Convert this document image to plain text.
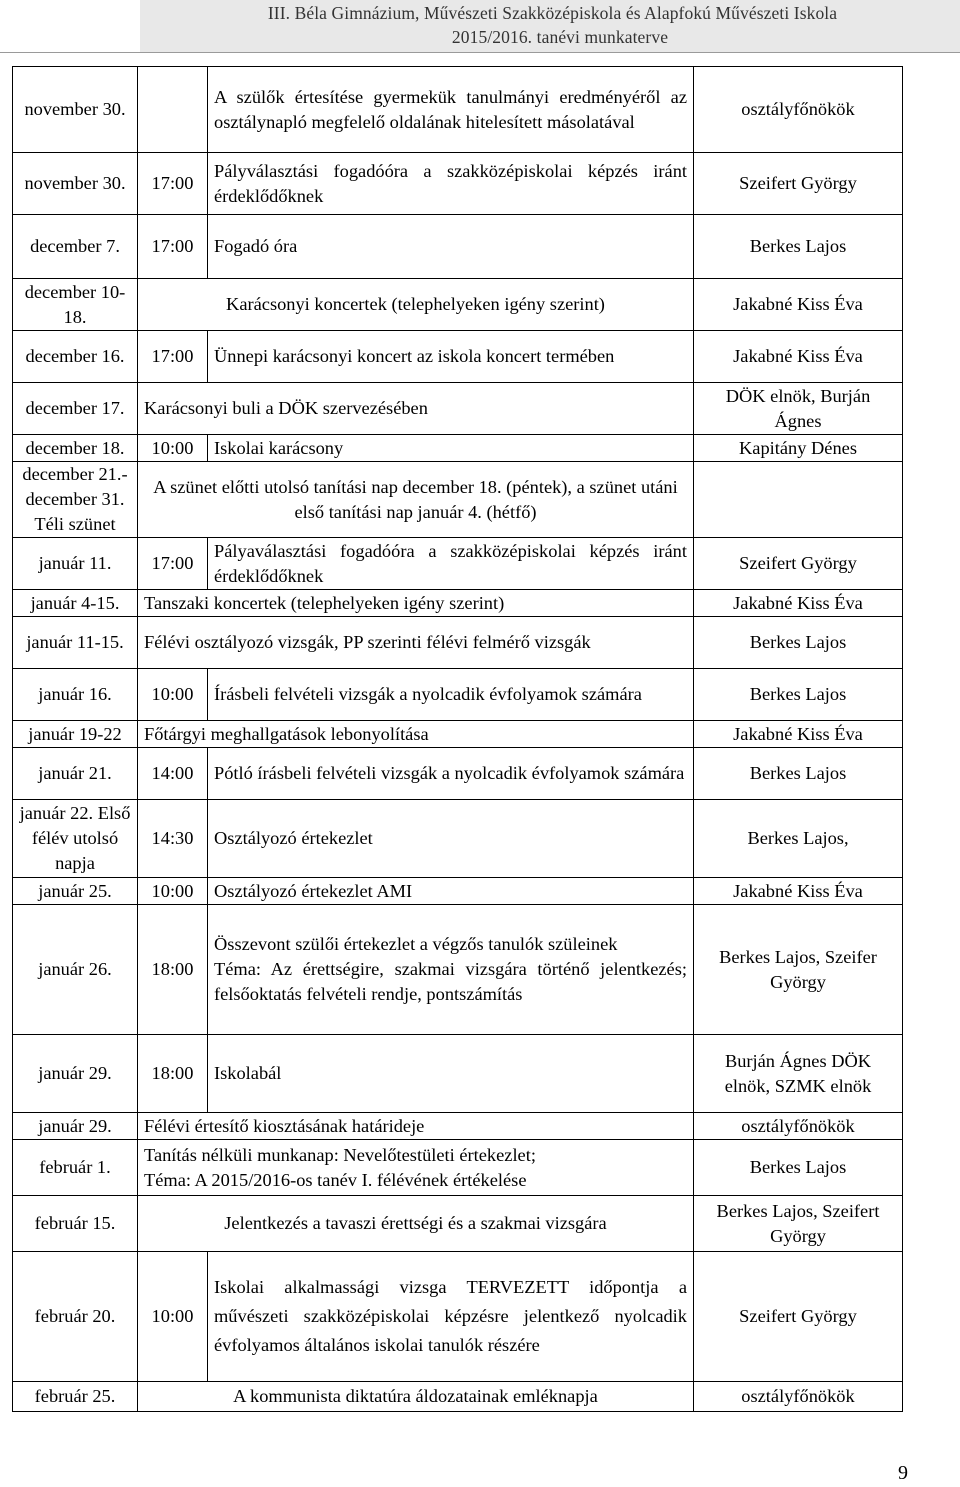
III. Béla Gimnázium, Művészeti Szakközépiskola és Alapfokú Művészeti Iskola
2015/2016. tanévi munkaterve
november 30.		A szülők értesítése gyermekük tanulmányi eredményéről az osztálynapló megfelelő oldalának hitelesített másolatával	osztályfőnökök
november 30.	17:00	Pályválasztási fogadóóra a szakközépiskolai képzés iránt érdeklődőknek	Szeifert György
december 7.	17:00	Fogadó óra	Berkes Lajos
december 10-18.	Karácsonyi koncertek (telephelyeken igény szerint)		Jakabné Kiss Éva
december 16.	17:00	Ünnepi karácsonyi koncert az iskola koncert termében	Jakabné Kiss Éva
december 17.	Karácsonyi buli a DÖK szervezésében		DÖK elnök, Burján Ágnes
december 18.	10:00	Iskolai karácsony	Kapitány Dénes
december 21.- december 31. Téli szünet	A szünet előtti utolsó tanítási nap december 18. (péntek), a szünet utáni első tanítási nap január 4. (hétfő)		
január 11.	17:00	Pályaválasztási fogadóóra a szakközépiskolai képzés iránt érdeklődőknek	Szeifert György
január 4-15.	Tanszaki koncertek (telephelyeken igény szerint)		Jakabné Kiss Éva
január 11-15.	Félévi osztályozó vizsgák, PP szerinti félévi felmérő vizsgák		Berkes Lajos
január 16.	10:00	Írásbeli felvételi vizsgák a nyolcadik évfolyamok számára	Berkes Lajos
január 19-22	Főtárgyi meghallgatások lebonyolítása		Jakabné Kiss Éva
január 21.	14:00	Pótló írásbeli felvételi vizsgák a nyolcadik évfolyamok számára	Berkes Lajos
január 22. Első félév utolsó napja	14:30	Osztályozó értekezlet	Berkes Lajos,
január 25.	10:00	Osztályozó értekezlet AMI	Jakabné Kiss Éva
január 26.	18:00	Összevont szülői értekezlet a végzős tanulók szüleinek
Téma: Az érettségire, szakmai vizsgára történő jelentkezés; felsőoktatás felvételi rendje, pontszámítás	Berkes Lajos, Szeifer György
január 29.	18:00	Iskolabál	Burján Ágnes DÖK elnök, SZMK elnök
január 29.	Félévi értesítő kiosztásának határideje		osztályfőnökök
február 1.	Tanítás nélküli munkanap: Nevelőtestületi értekezlet;
Téma: A 2015/2016-os tanév I. félévének értékelése		Berkes Lajos
február 15.	Jelentkezés a tavaszi érettségi és a szakmai vizsgára		Berkes Lajos, Szeifert György
február 20.	10:00	Iskolai alkalmassági vizsga TERVEZETT időpontja a művészeti szakközépiskolai képzésre jelentkező nyolcadik évfolyamos általános iskolai tanulók részére	Szeifert György
február 25.	A kommunista diktatúra áldozatainak emléknapja		osztályfőnökök
9
